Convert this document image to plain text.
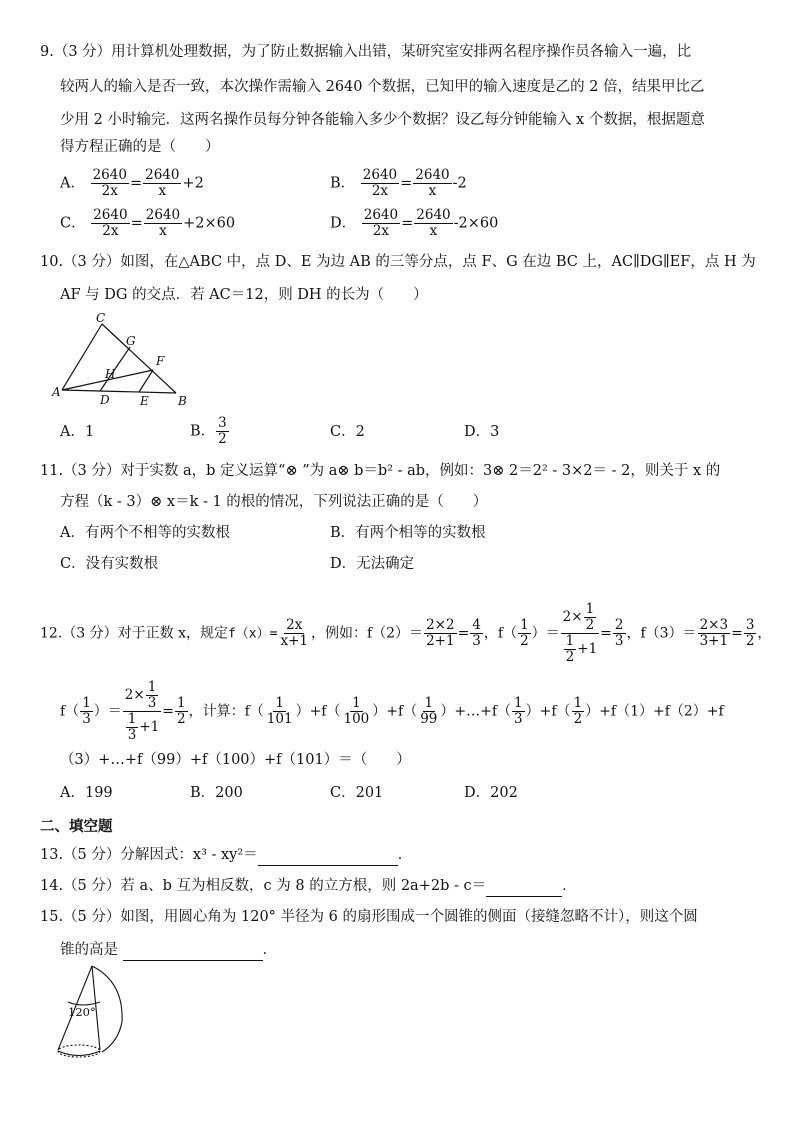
9.（3 分）用计算机处理数据，为了防止数据输入出错，某研究室安排两名程序操作员各输入一遍，比
较两人的输入是否一致，本次操作需输入 2640 个数据，已知甲的输入速度是乙的 2 倍，结果甲比乙
少用 2 小时输完．这两名操作员每分钟各能输入多少个数据？设乙每分钟能输入 x 个数据，根据题意
得方程正确的是（　　）
A． $\frac{2640}{2x} = \frac{2640}{x} +2$	B． $\frac{2640}{2x} = \frac{2640}{x} -2$
C． $\frac{2640}{2x} = \frac{2640}{x} +2\times 60$	D． $\frac{2640}{2x} = \frac{2640}{x} -2\times 60$
10.（3 分）如图，在△ABC 中，点 D、E 为边 AB 的三等分点，点 F、G 在边 BC 上，AC∥DG∥EF，点 H 为
AF 与 DG 的交点．若 AC＝12，则 DH 的长为（　　）
C
G
F
H
A
D	E B
A．1	B． $\frac{3}{2}$	C．2	D．3
11.（3 分）对于实数 a，b 定义运算“⊗ ”为 a⊗ b＝b² - ab，例如：3⊗ 2＝2² - 3×2＝ - 2，则关于 x 的
方程（k - 3）⊗ x＝k - 1 的根的情况，下列说法正确的是（　　）
A．有两个不相等的实数根	B．有两个相等的实数根
C．没有实数根	D．无法确定
12.（3 分）对于正数 x，规定$f(x)= \frac{2x}{x+1}$ ，例如：$f(2)= \frac{2\times 2}{2+1} = \frac{4}{3}$ ，$f( \frac{1}{2}$ ）＝ $\frac{2\times \frac{1}{2}}{\frac{1}{2} +1} = \frac{2}{3}$ ，$f(3)= \frac{2\times 3}{3+1} = \frac{3}{2}$ ，
$f( \frac{1}{3}$ ）＝ $\frac{2\times \frac{1}{3}}{\frac{1}{3} +1} = \frac{1}{2}$ ，计算：$f( \frac{1}{101} )+f( \frac{1}{100} )+f( \frac{1}{99}$ ）+…+f（ $\frac{1}{3} )+f( \frac{1}{2} )+f(1)+f(2)+f$
（3）+…+f（99）+f（100）+f（101）＝（　　）
A．199	B．200	C．201	D．202
二、填空题
13.（5 分）分解因式：x³ - xy²＝	．
14.（5 分）若 a、b 互为相反数，c 为 8 的立方根，则 2a+2b - c＝	．
15.（5 分）如图，用圆心角为 120° 半径为 6 的扇形围成一个圆锥的侧面（接缝忽略不计），则这个圆
锥的高是	．
120°
